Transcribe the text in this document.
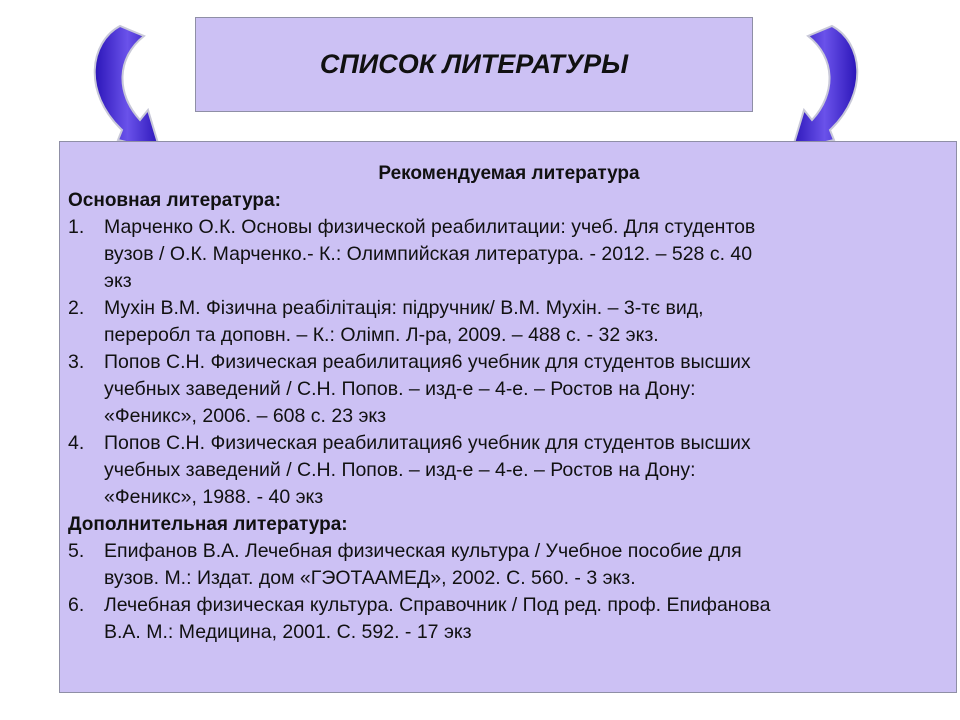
СПИСОК ЛИТЕРАТУРЫ
Рекомендуемая литература
Основная литература:
1.	Марченко О.К. Основы физической реабилитации: учеб. Для студентов
вузов / О.К. Марченко.- К.: Олимпийская литература. - 2012. – 528 с. 40
экз
2.	Мухін В.М. Фізична реабілітація: підручник/ В.М. Мухін. – 3-тє вид,
переробл та доповн. – К.: Олімп. Л-ра, 2009. – 488 с. - 32 экз.
3.	Попов С.Н. Физическая реабилитация6 учебник для студентов высших
учебных заведений / С.Н. Попов. – изд-е – 4-е. – Ростов на Дону:
«Феникс», 2006. – 608 с. 23 экз
4.	Попов С.Н. Физическая реабилитация6 учебник для студентов высших
учебных заведений / С.Н. Попов. – изд-е – 4-е. – Ростов на Дону:
«Феникс», 1988. - 40 экз
Дополнительная литература:
5.	Епифанов В.А. Лечебная физическая культура / Учебное пособие для
вузов. М.: Издат. дом «ГЭОТААМЕД», 2002. С. 560. - 3 экз.
6.	Лечебная физическая культура. Справочник / Под ред. проф. Епифанова
В.А. М.: Медицина, 2001. С. 592. - 17 экз
